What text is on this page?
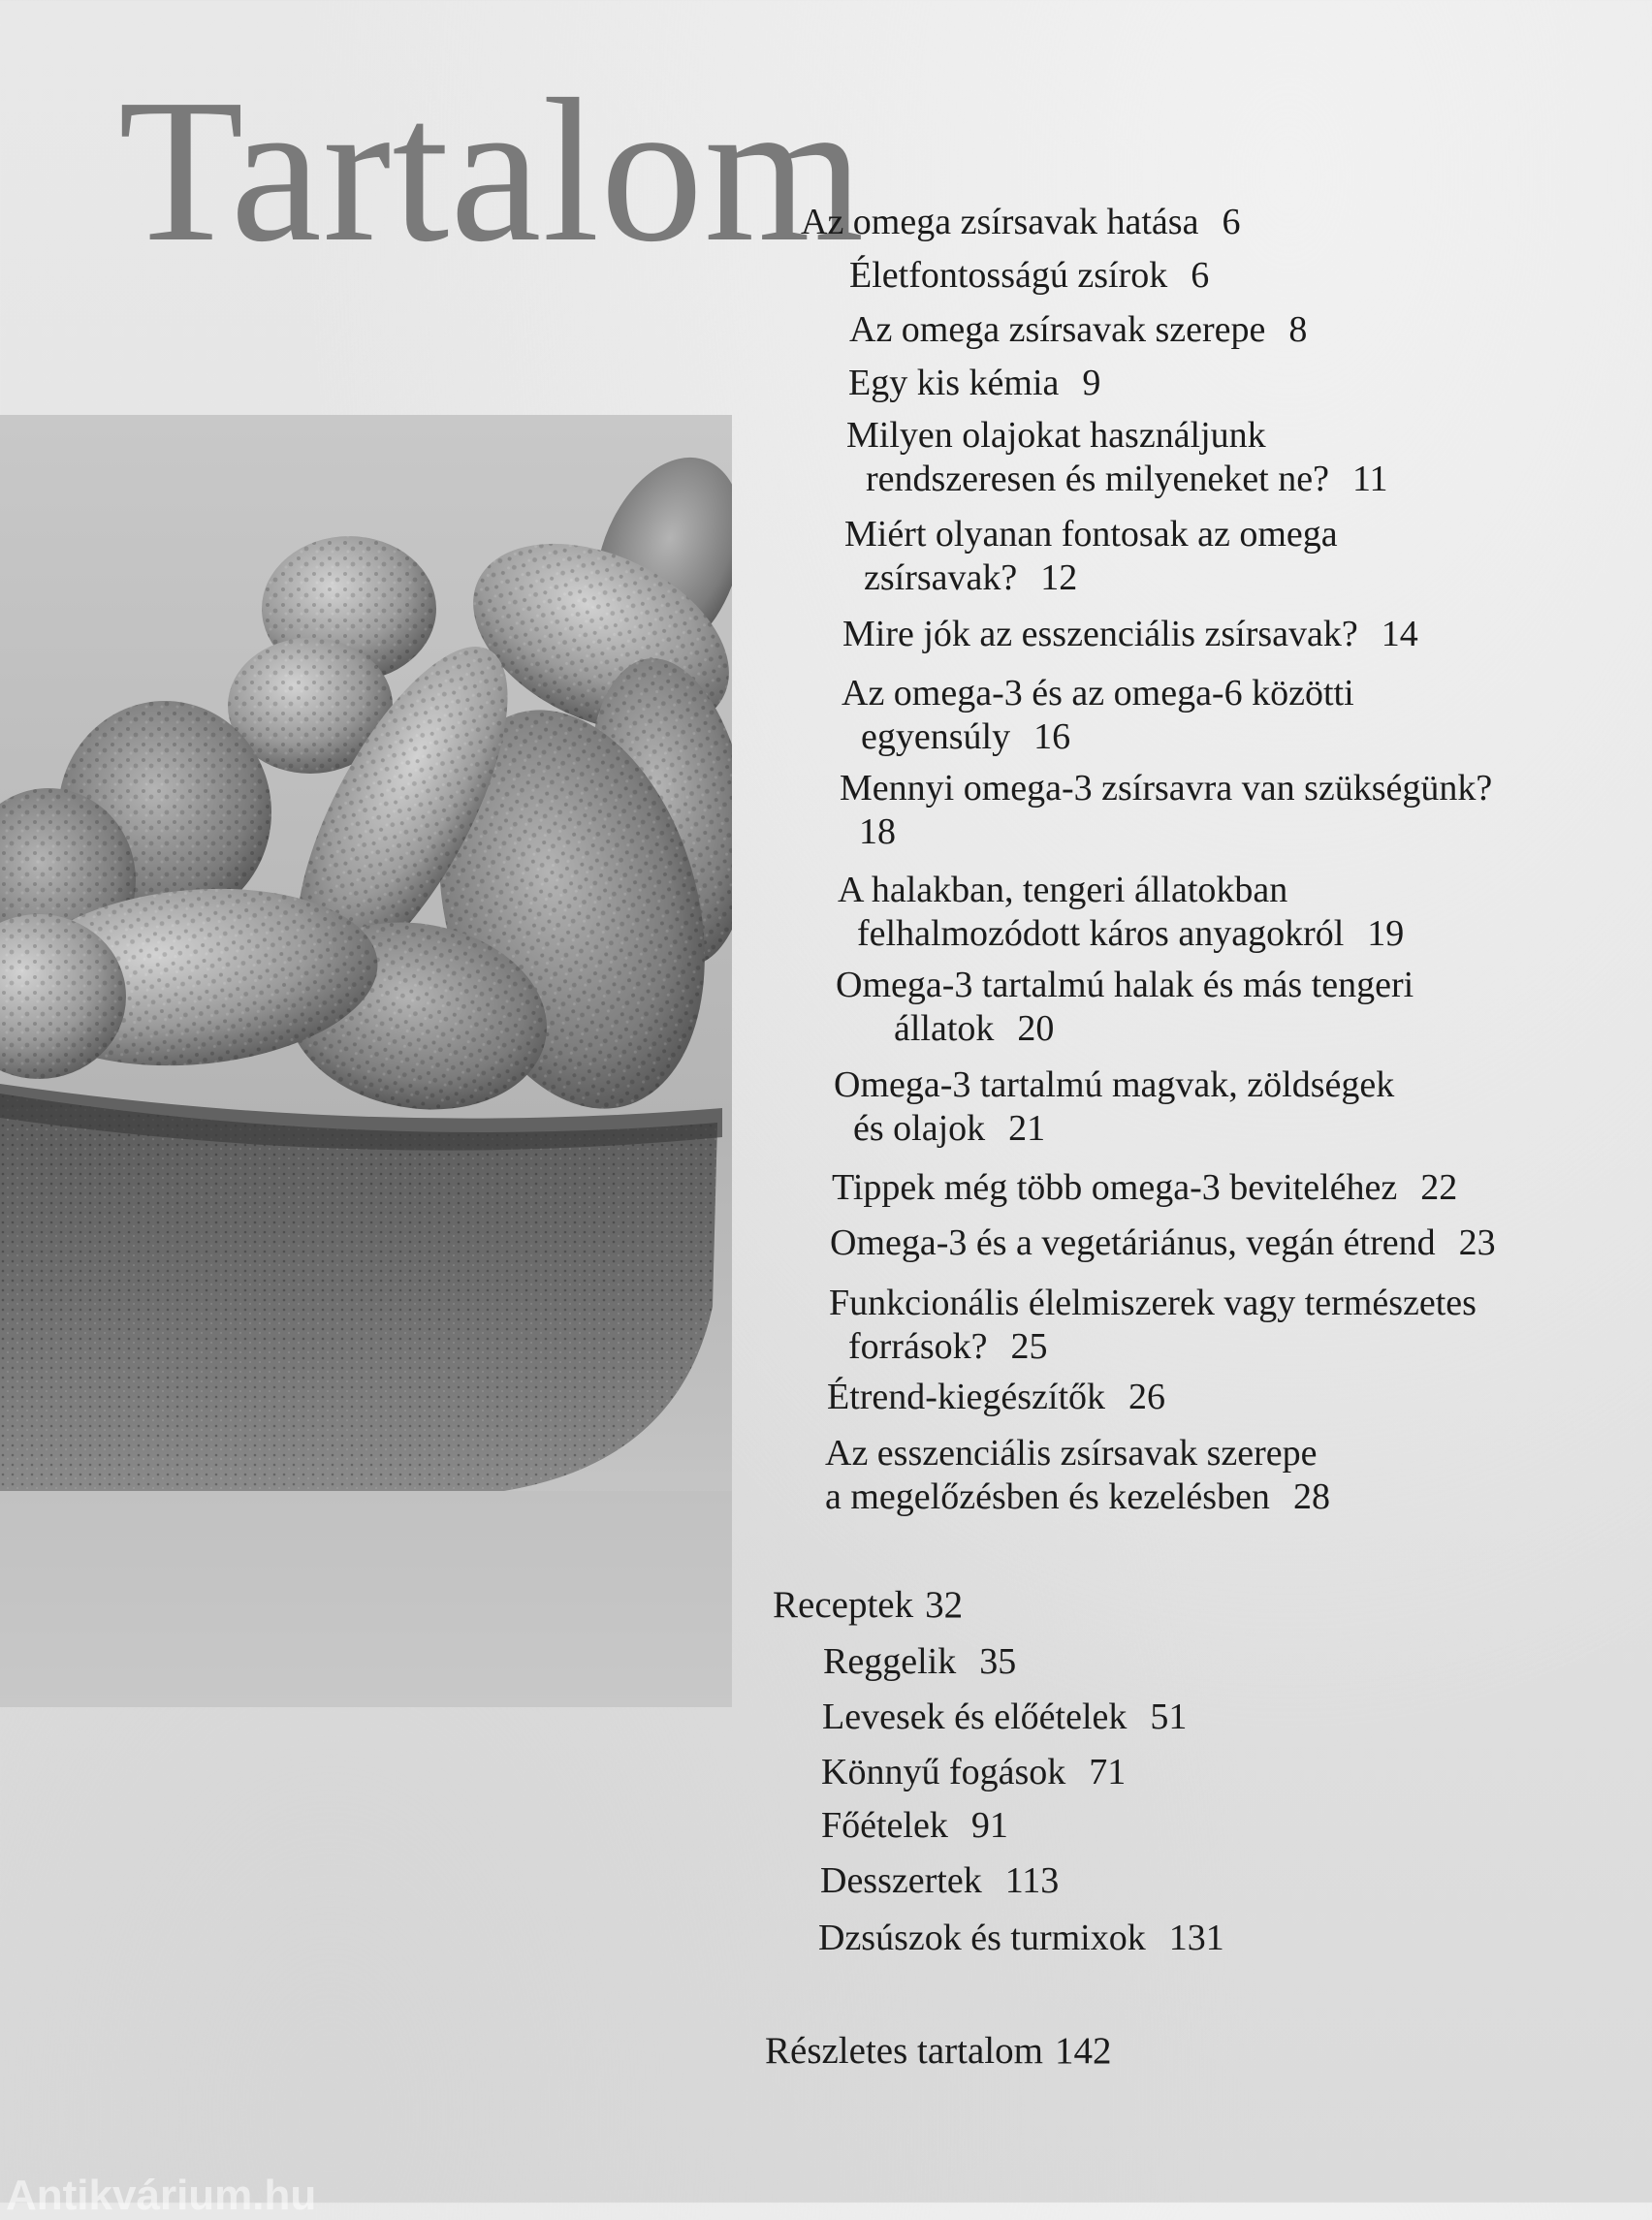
Tartalom
Az omega zsírsavak hatása 6
Életfontosságú zsírok 6
Az omega zsírsavak szerepe 8
Egy kis kémia 9
Milyen olajokat használjunk
rendszeresen és milyeneket ne? 11
Miért olyanan fontosak az omega
zsírsavak? 12
Mire jók az esszenciális zsírsavak? 14
Az omega-3 és az omega-6 közötti
egyensúly 16
Mennyi omega-3 zsírsavra van szükségünk?
18
A halakban, tengeri állatokban
felhalmozódott káros anyagokról 19
Omega-3 tartalmú halak és más tengeri
állatok 20
Omega-3 tartalmú magvak, zöldségek
és olajok 21
Tippek még több omega-3 beviteléhez 22
Omega-3 és a vegetáriánus, vegán étrend 23
Funkcionális élelmiszerek vagy természetes
források? 25
Étrend-kiegészítők 26
Az esszenciális zsírsavak szerepe
a megelőzésben és kezelésben 28
Receptek 32
Reggelik 35
Levesek és előételek 51
Könnyű fogások 71
Főételek 91
Desszertek 113
Dzsúszok és turmixok 131
Részletes tartalom 142
Antikvárium.hu
